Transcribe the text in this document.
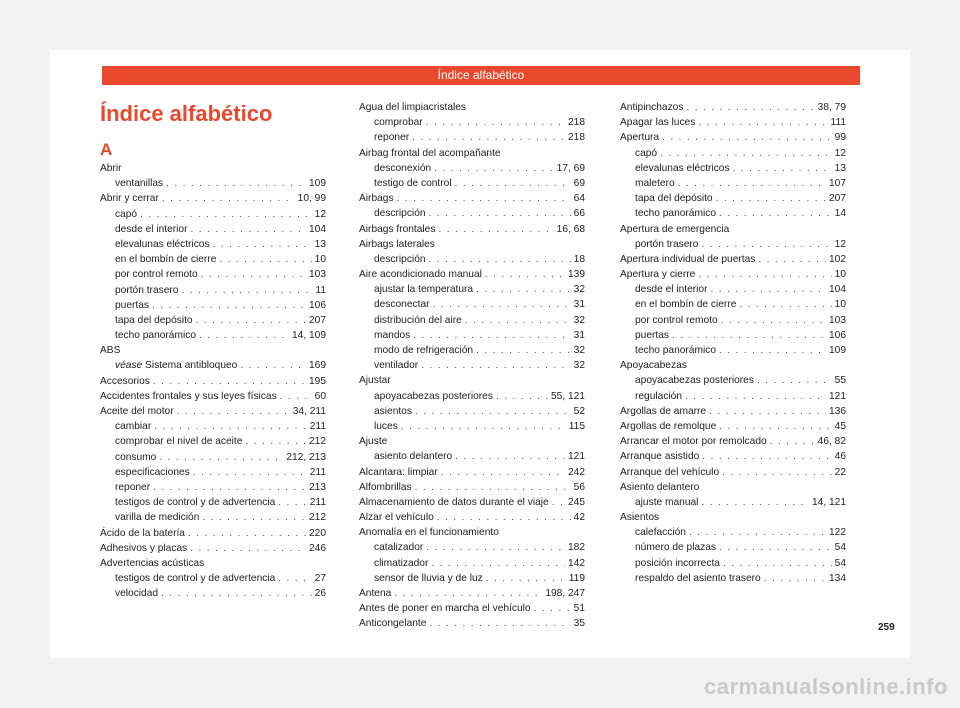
Índice alfabético
Índice alfabético
A
Abrir
ventanillas . . .	109
Abrir y cerrar . . .	10, 99
capó . . .	12
desde el interior . . .	104
elevalunas eléctricos . . .	13
en el bombín de cierre . . .	10
por control remoto . . .	103
portón trasero . . .	11
puertas . . .	106
tapa del depósito . . .	207
techo panorámico . . .	14, 109
ABS
véase Sistema antibloqueo . . .	169
Accesorios . . .	195
Accidentes frontales y sus leyes físicas . . .	60
Aceite del motor . . .	34, 211
cambiar . . .	211
comprobar el nivel de aceite . . .	212
consumo . . .	212, 213
especificaciones . . .	211
reponer . . .	213
testigos de control y de advertencia . . .	211
varilla de medición . . .	212
Ácido de la batería . . .	220
Adhesivos y placas . . .	246
Advertencias acústicas
testigos de control y de advertencia . . .	27
velocidad . . .	26
Agua del limpiacristales
comprobar . . .	218
reponer . . .	218
Airbag frontal del acompañante
desconexión . . .	17, 69
testigo de control . . .	69
Airbags . . .	64
descripción . . .	66
Airbags frontales . . .	16, 68
Airbags laterales
descripción . . .	18
Aire acondicionado manual . . .	139
ajustar la temperatura . . .	32
desconectar . . .	31
distribución del aire . . .	32
mandos . . .	31
modo de refrigeración . . .	32
ventilador . . .	32
Ajustar
apoyacabezas posteriores . . .	55, 121
asientos . . .	52
luces . . .	115
Ajuste
asiento delantero . . .	121
Alcantara: limpiar . . .	242
Alfombrillas . . .	56
Almacenamiento de datos durante el viaje . . . 245
Alzar el vehículo . . .	42
Anomalía en el funcionamiento
catalizador . . .	182
climatizador . . .	142
sensor de lluvia y de luz . . .	119
Antena . . .	198, 247
Antes de poner en marcha el vehículo . . .	51
Anticongelante . . .	35
Antipinchazos . . .	38, 79
Apagar las luces . . .	111
Apertura . . .	99
capó . . .	12
elevalunas eléctricos . . .	13
maletero . . .	107
tapa del depósito . . .	207
techo panorámico . . .	14
Apertura de emergencia
portón trasero . . .	12
Apertura individual de puertas . . .	102
Apertura y cierre . . .	10
desde el interior . . .	104
en el bombín de cierre . . .	10
por control remoto . . .	103
puertas . . .	106
techo panorámico . . .	109
Apoyacabezas
apoyacabezas posteriores . . .	55
regulación . . .	121
Argollas de amarre . . .	136
Argollas de remolque . . .	45
Arrancar el motor por remolcado . . .	46, 82
Arranque asistido . . .	46
Arranque del vehículo . . .	22
Asiento delantero
ajuste manual . . .	14, 121
Asientos
calefacción . . .	122
número de plazas . . .	54
posición incorrecta . . .	54
respaldo del asiento trasero . . .	134
259
carmanualsonline.info
